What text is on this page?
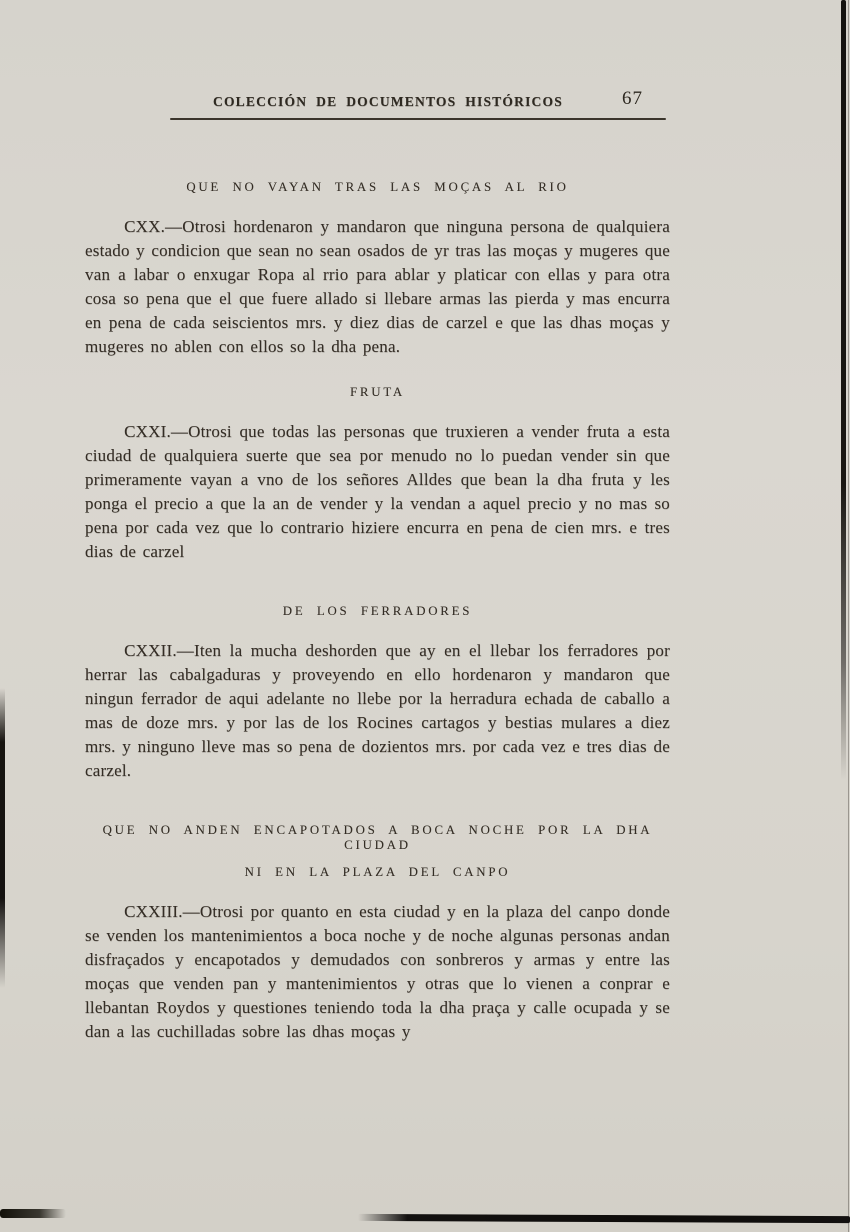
COLECCIÓN DE DOCUMENTOS HISTÓRICOS	67
QUE NO VAYAN TRAS LAS MOÇAS AL RIO

CXX.—Otrosi hordenaron y mandaron que ninguna persona de qualquiera estado y condicion que sean no sean osados de yr tras las moças y mugeres que van a labar o enxugar Ropa al rrio para ablar y platicar con ellas y para otra cosa so pena que el que fuere allado si llebare armas las pierda y mas encurra en pena de cada seiscientos mrs. y diez dias de carzel e que las dhas moças y mugeres no ablen con ellos so la dha pena.

FRUTA

CXXI.—Otrosi que todas las personas que truxieren a vender fruta a esta ciudad de qualquiera suerte que sea por menudo no lo puedan vender sin que primeramente vayan a vno de los señores Alldes que bean la dha fruta y les ponga el precio a que la an de vender y la vendan a aquel precio y no mas so pena por cada vez que lo contrario hiziere encurra en pena de cien mrs. e tres dias de carzel

DE LOS FERRADORES

CXXII.—Iten la mucha deshorden que ay en el llebar los ferradores por herrar las cabalgaduras y proveyendo en ello hordenaron y mandaron que ningun ferrador de aqui adelante no llebe por la herradura echada de caballo a mas de doze mrs. y por las de los Rocines cartagos y bestias mulares a diez mrs. y ninguno lleve mas so pena de dozientos mrs. por cada vez e tres dias de carzel.

QUE NO ANDEN ENCAPOTADOS A BOCA NOCHE POR LA DHA CIUDAD
NI EN LA PLAZA DEL CANPO

CXXIII.—Otrosi por quanto en esta ciudad y en la plaza del canpo donde se venden los mantenimientos a boca noche y de noche algunas personas andan disfraçados y encapotados y demudados con sonbreros y armas y entre las moças que venden pan y mantenimientos y otras que lo vienen a conprar e llebantan Roydos y questiones teniendo toda la dha praça y calle ocupada y se dan a las cuchilladas sobre las dhas moças y
